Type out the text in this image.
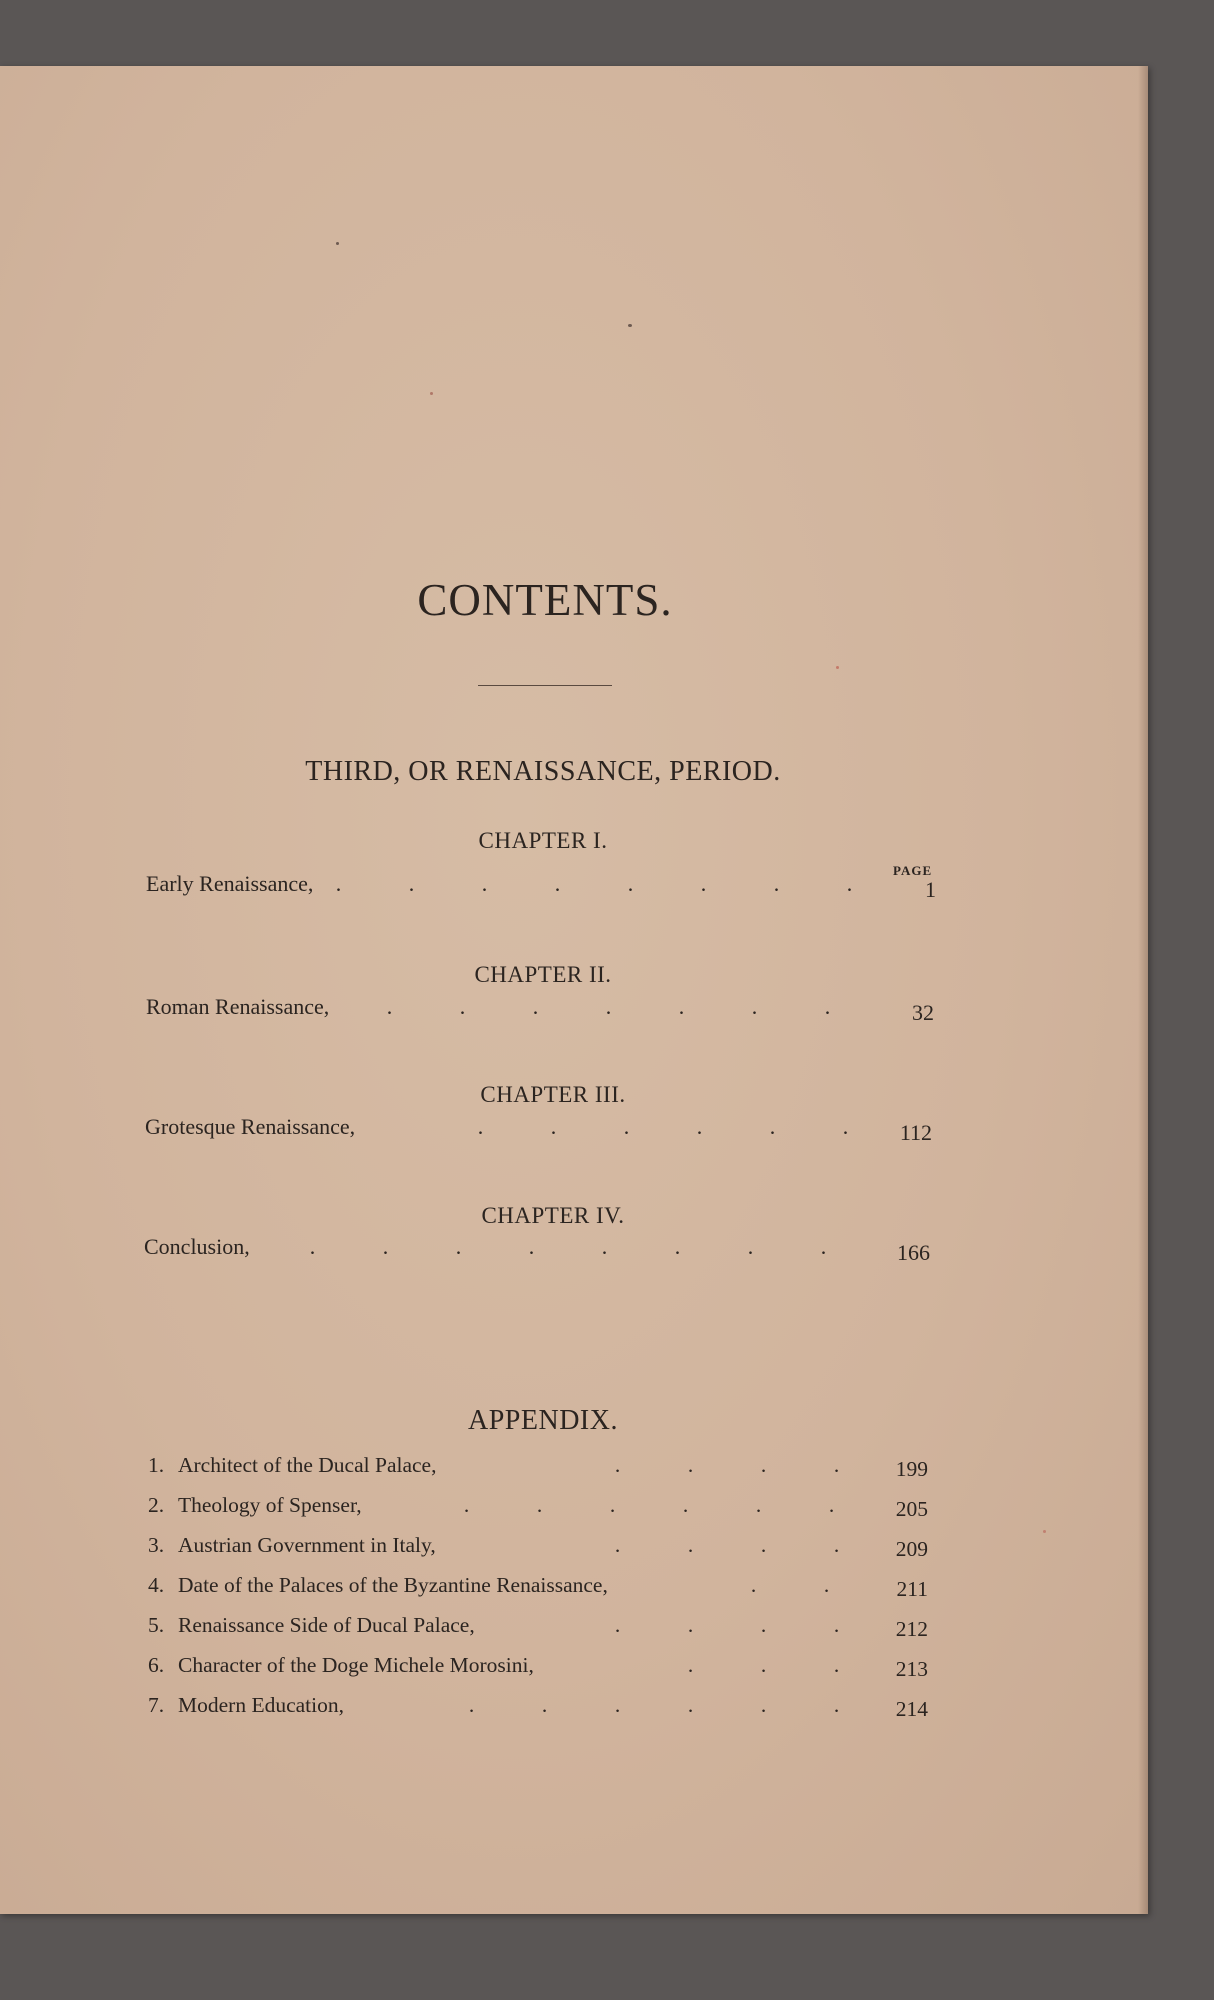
CONTENTS.
THIRD, OR RENAISSANCE, PERIOD.
CHAPTER I.
PAGE
Early Renaissance,	.	.	.	.	.	.	.	.	1
CHAPTER II.
Roman Renaissance,	.	.	.	.	.	.	.	32
CHAPTER III.
Grotesque Renaissance,	.	.	.	.	.	.	112
CHAPTER IV.
Conclusion,	.	.	.	.	.	.	.	.	166
APPENDIX.
1. Architect of the Ducal Palace,	.	.	.	.	199
2. Theology of Spenser,	.	.	.	.	.	.	205
3. Austrian Government in Italy,	.	.	.	.	209
4. Date of the Palaces of the Byzantine Renaissance,	.	.	211
5. Renaissance Side of Ducal Palace,	.	.	.	.	212
6. Character of the Doge Michele Morosini,	.	.	.	213
7. Modern Education,	.	.	.	.	.	.	214
